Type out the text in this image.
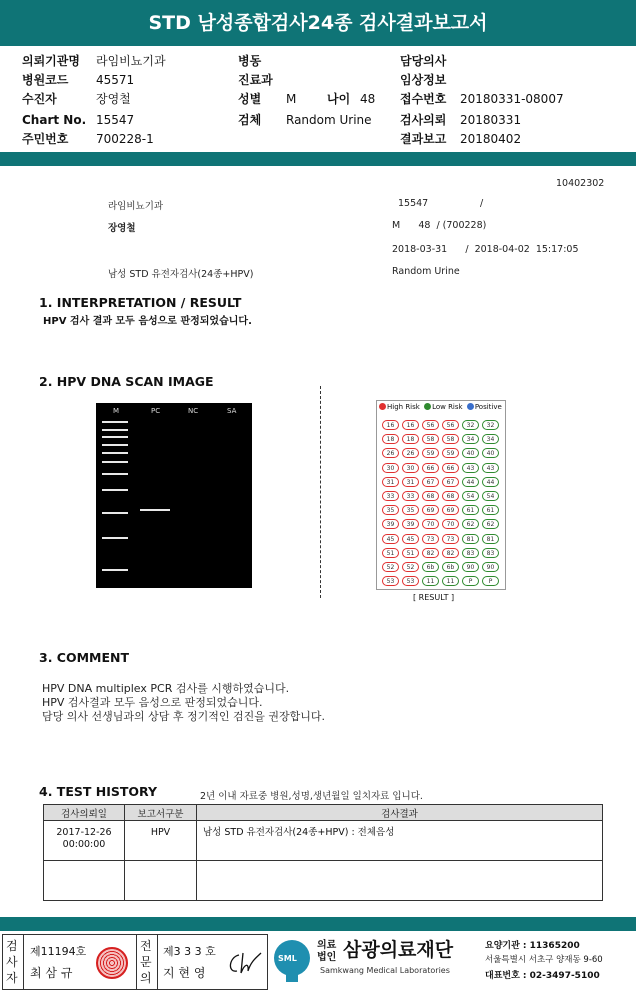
STD 남성종합검사24종 검사결과보고서
의뢰기관명 라임비뇨기과
병원코드 45571
수진자	장영철
Chart No. 15547
주민번호 700228-1
병동
진료과
성별 M	나이 48
검체 Random Urine
담당의사
임상정보
접수번호 20180331-08007
검사의뢰 20180331
결과보고 20180402
10402302
라임비뇨기과	15547	/
장영철	M      48  / (700228)
2018-03-31      /  2018-04-02  15:17:05
남성 STD 유전자검사(24종+HPV)	Random Urine
1. INTERPRETATION / RESULT
HPV 검사 결과 모두 음성으로 판정되었습니다.
2. HPV DNA SCAN IMAGE
M	PC	NC	SA	High Risk Low Risk Positive
16	16	56	56	32	32
18	18	58	58	34	34
26	26	59	59	40	40
30	30	66	66	43	43
31	31	67	67	44	44
33	33	68	68	54	54
35	35	69	69	61	61
39	39	70	70	62	62
45	45	73	73	81	81
51	51	82	82	83	83
52	52	6b	6b	90	90
53	53	11	11	P	P
[ RESULT ]
3. COMMENT
HPV DNA multiplex PCR 검사를 시행하였습니다.
HPV 검사결과 모두 음성으로 판정되었습니다.
담당 의사 선생님과의 상담 후 정기적인 검진을 권장합니다.
4. TEST HISTORY	2년 이내 자료중 병원,성명,생년월일 일치자료 입니다.
검사의뢰일	보고서구분	검사결과

2017-12-26
00:00:00	HPV	남성 STD 유전자검사(24종+HPV) : 전체음성

검사자
제11194호
최 삼 규
전문의
제3 3 3 호
지 현 영
SML
의료법인 삼광의료재단
Samkwang Medical Laboratories
요양기관 : 11365200
서울특별시 서초구 양재동 9-60
대표번호 : 02-3497-5100
